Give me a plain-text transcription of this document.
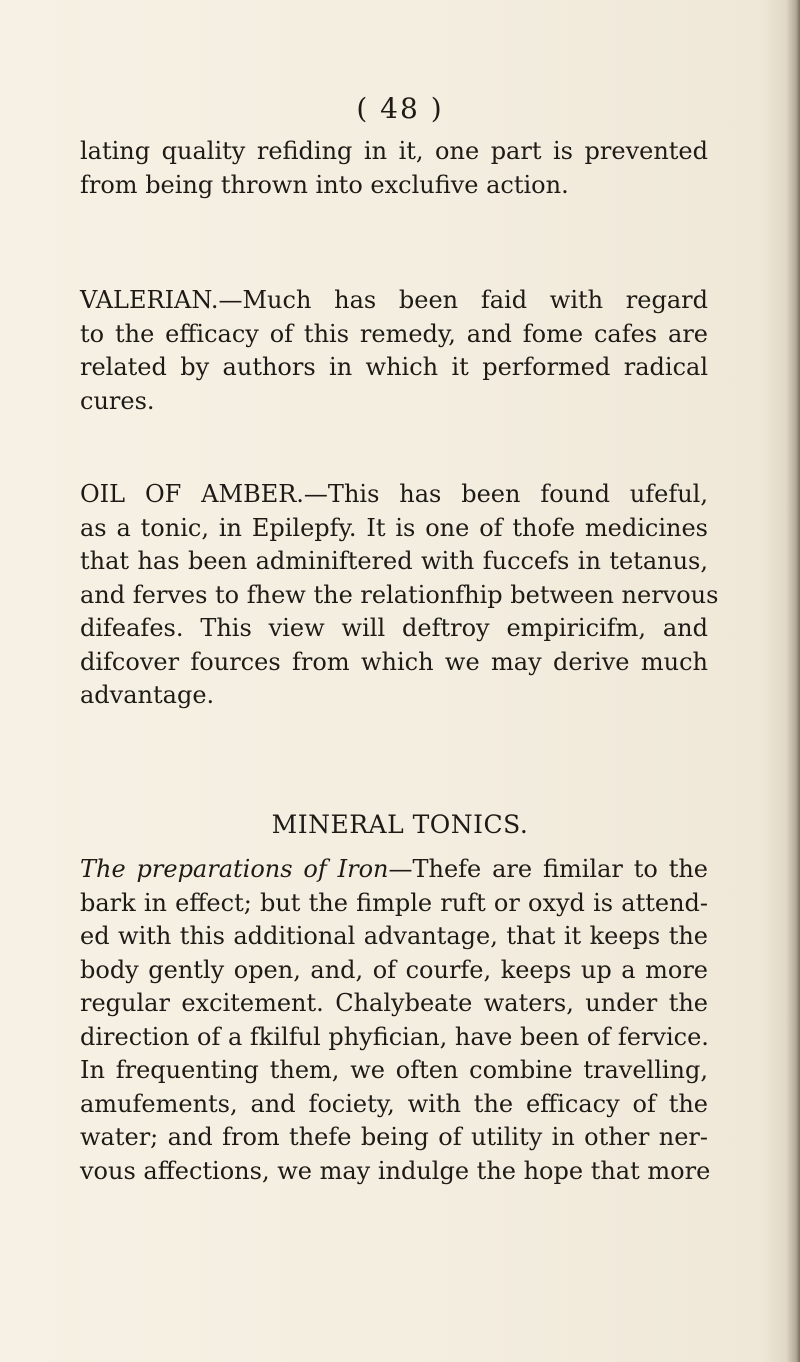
( 48 )
lating quality refiding in it, one part is prevented
from being thrown into exclufive action.
VALERIAN.—Much has been faid with regard
to the efficacy of this remedy, and fome cafes are
related by authors in which it performed radical
cures.
OIL OF AMBER.—This has been found ufeful,
as a tonic, in Epilepfy. It is one of thofe medicines
that has been adminiftered with fuccefs in tetanus,
and ferves to fhew the relationfhip between nervous
difeafes. This view will deftroy empiricifm, and
difcover fources from which we may derive much
advantage.
MINERAL TONICS.
The preparations of Iron—Thefe are fimilar to the
bark in effect; but the fimple ruft or oxyd is attend-
ed with this additional advantage, that it keeps the
body gently open, and, of courfe, keeps up a more
regular excitement. Chalybeate waters, under the
direction of a fkilful phyfician, have been of fervice.
In frequenting them, we often combine travelling,
amufements, and fociety, with the efficacy of the
water; and from thefe being of utility in other ner-
vous affections, we may indulge the hope that more
